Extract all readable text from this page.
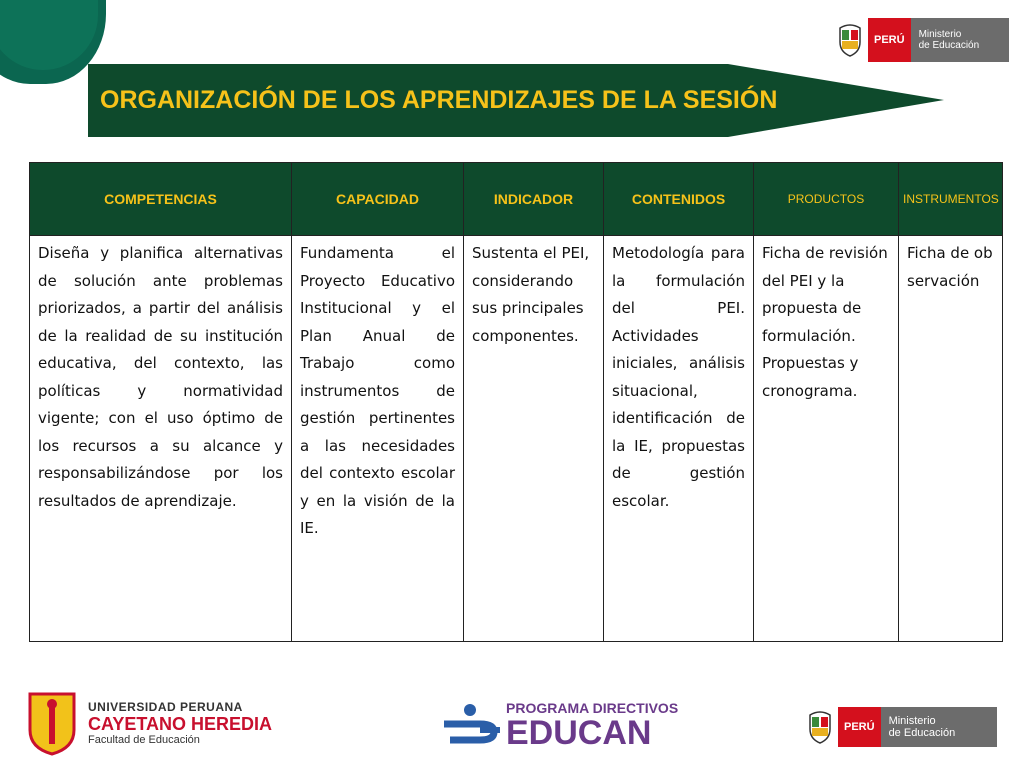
PERÚ	Ministerio
de Educación
ORGANIZACIÓN DE LOS APRENDIZAJES DE LA SESIÓN
COMPETENCIAS	CAPACIDAD	INDICADOR	CONTENIDOS	PRODUCTOS	INSTRUMENTOS
Diseña y planifica alternativas de solución ante problemas priorizados, a partir del análisis de la realidad de su institución educativa, del contexto, las políticas y normatividad vigente; con el uso óptimo de los recursos a su alcance y responsabilizándose por los resultados de aprendizaje.	Fundamenta el Proyecto Educativo Institucional y el Plan Anual de Trabajo como instrumentos de gestión pertinentes a las necesidades del contexto escolar y en la visión de la IE.	Sustenta el PEI, considerando sus principales componentes.	Metodología para la formulación del PEI. Actividades iniciales, análisis situacional, identificación de la IE, propuestas de gestión escolar.	Ficha de revisión del PEI y la propuesta de formulación. Propuestas y cronograma.	Ficha de observación
UNIVERSIDAD PERUANA
CAYETANO HEREDIA
Facultad de Educación
PROGRAMA DIRECTIVOS
EDUCAN	PERÚ	Ministerio
de Educación
